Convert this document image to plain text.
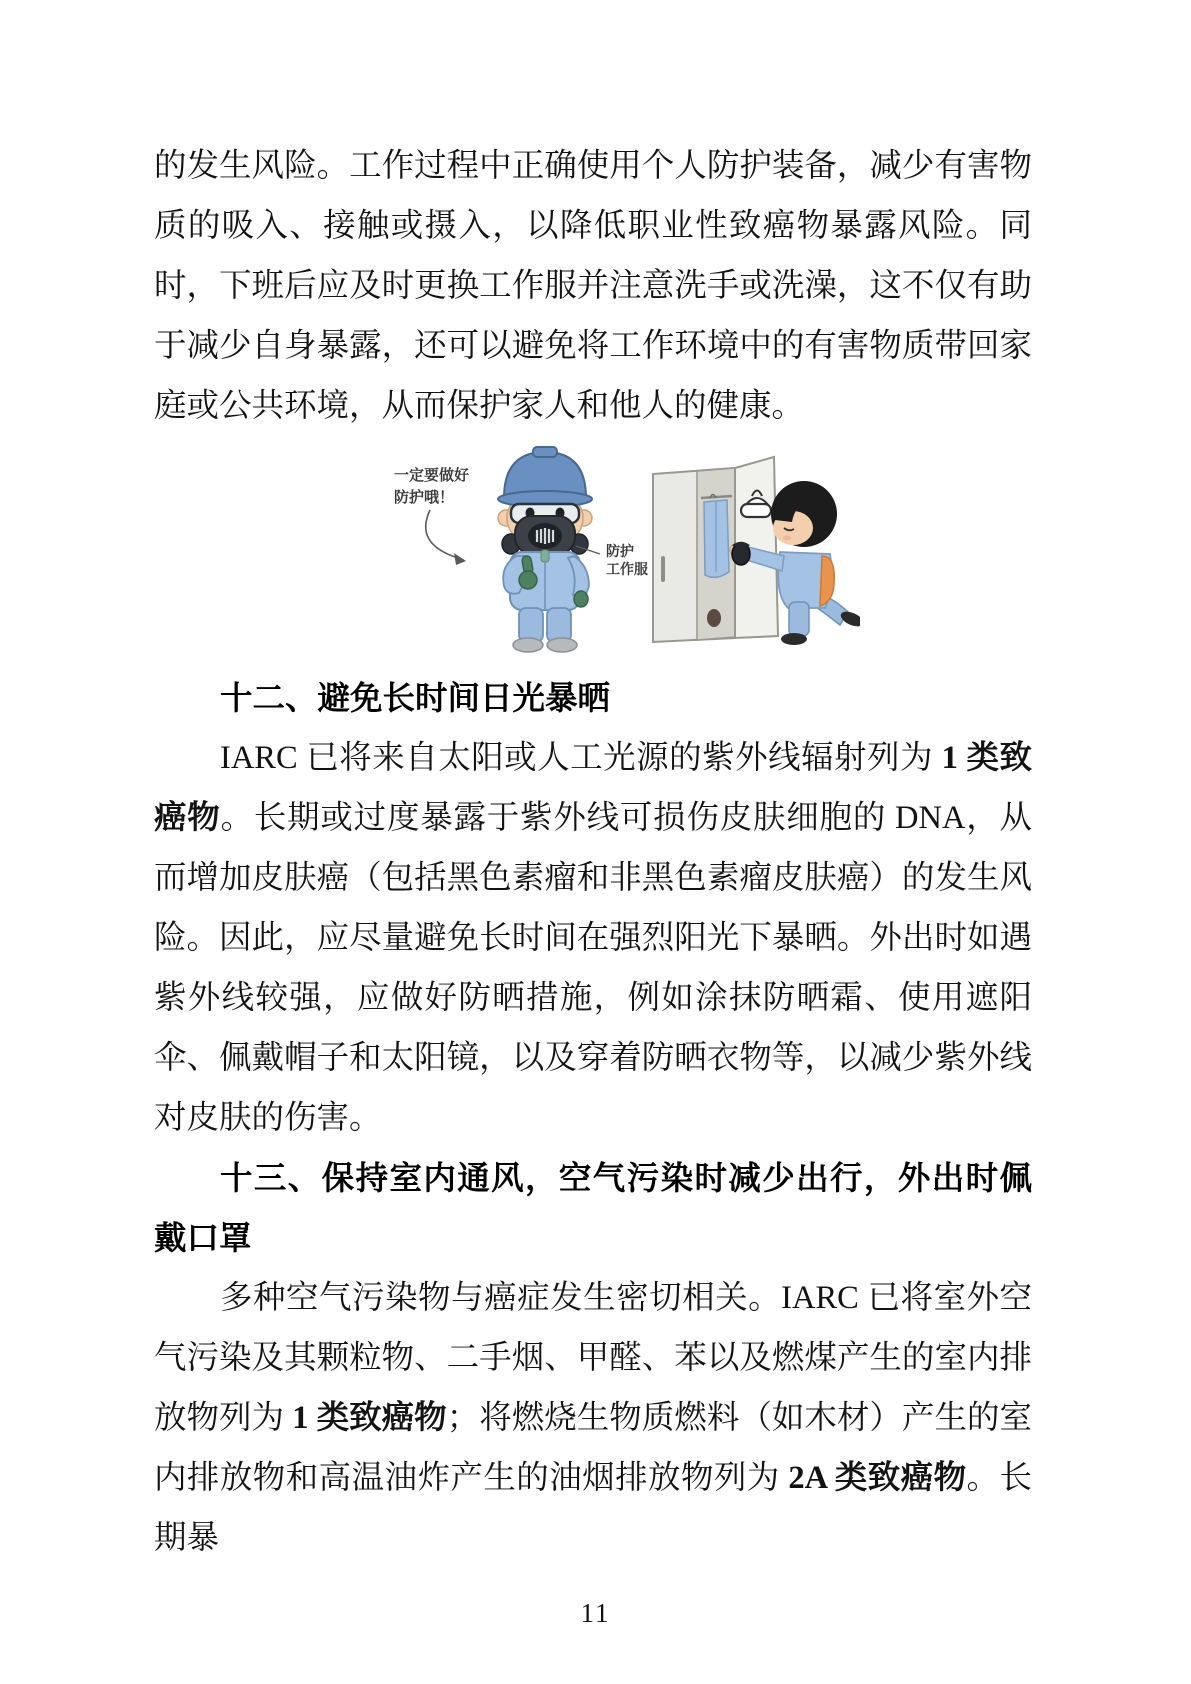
的发生风险。工作过程中正确使用个人防护装备，减少有害物质的吸入、接触或摄入，以降低职业性致癌物暴露风险。同时，下班后应及时更换工作服并注意洗手或洗澡，这不仅有助于减少自身暴露，还可以避免将工作环境中的有害物质带回家庭或公共环境，从而保护家人和他人的健康。

一定要做好
防护哦！
防护
工作服
十二、避免长时间日光暴晒

IARC 已将来自太阳或人工光源的紫外线辐射列为 1 类致癌物。长期或过度暴露于紫外线可损伤皮肤细胞的 DNA，从而增加皮肤癌（包括黑色素瘤和非黑色素瘤皮肤癌）的发生风险。因此，应尽量避免长时间在强烈阳光下暴晒。外出时如遇紫外线较强，应做好防晒措施，例如涂抹防晒霜、使用遮阳伞、佩戴帽子和太阳镜，以及穿着防晒衣物等，以减少紫外线对皮肤的伤害。

十三、保持室内通风，空气污染时减少出行，外出时佩戴口罩

多种空气污染物与癌症发生密切相关。IARC 已将室外空气污染及其颗粒物、二手烟、甲醛、苯以及燃煤产生的室内排放物列为 1 类致癌物；将燃烧生物质燃料（如木材）产生的室内排放物和高温油炸产生的油烟排放物列为 2A 类致癌物。长期暴

11
